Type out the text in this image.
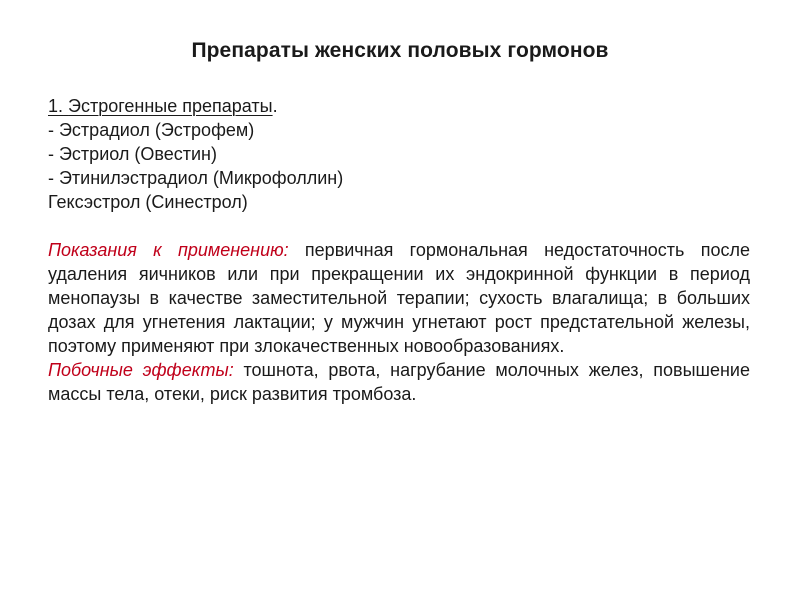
Препараты женских половых гормонов
1. Эстрогенные препараты.
- Эстрадиол (Эстрофем)
- Эстриол (Овестин)
- Этинилэстрадиол (Микрофоллин)
Гексэстрол (Синестрол)

Показания к применению: первичная гормональная недостаточность после удаления яичников или при прекращении их эндокринной функции в период менопаузы в качестве заместительной терапии; сухость влагалища; в больших дозах для угнетения лактации; у мужчин угнетают рост предстательной железы, поэтому применяют при злокачественных новообразованиях.

Побочные эффекты: тошнота, рвота, нагрубание молочных желез, повышение массы тела, отеки, риск развития тромбоза.
